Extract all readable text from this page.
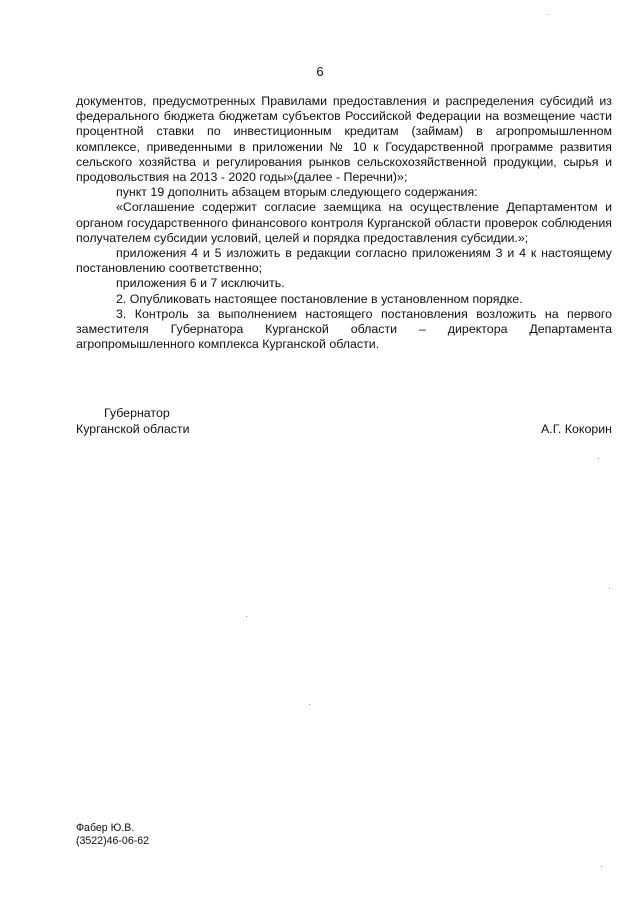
6

документов, предусмотренных Правилами предоставления и распределения субсидий из федерального бюджета бюджетам субъектов Российской Федерации на возмещение части процентной ставки по инвестиционным кредитам (займам) в агропромышленном комплексе, приведенными в приложении № 10 к Государственной программе развития сельского хозяйства и регулирования рынков сельскохозяйственной продукции, сырья и продовольствия на 2013 - 2020 годы»(далее - Перечни)»;

пункт 19 дополнить абзацем вторым следующего содержания:

«Соглашение содержит согласие заемщика на осуществление Департаментом и органом государственного финансового контроля Курганской области проверок соблюдения получателем субсидии условий, целей и порядка предоставления субсидии.»;

приложения 4 и 5 изложить в редакции согласно приложениям 3 и 4 к настоящему постановлению соответственно;

приложения 6 и 7 исключить.

2. Опубликовать настоящее постановление в установленном порядке.

3. Контроль за выполнением настоящего постановления возложить на первого заместителя Губернатора Курганской области – директора Департамента агропромышленного комплекса Курганской области.

Губернатор
Курганской области	А.Г. Кокорин
Фабер Ю.В.
(3522)46-06-62
